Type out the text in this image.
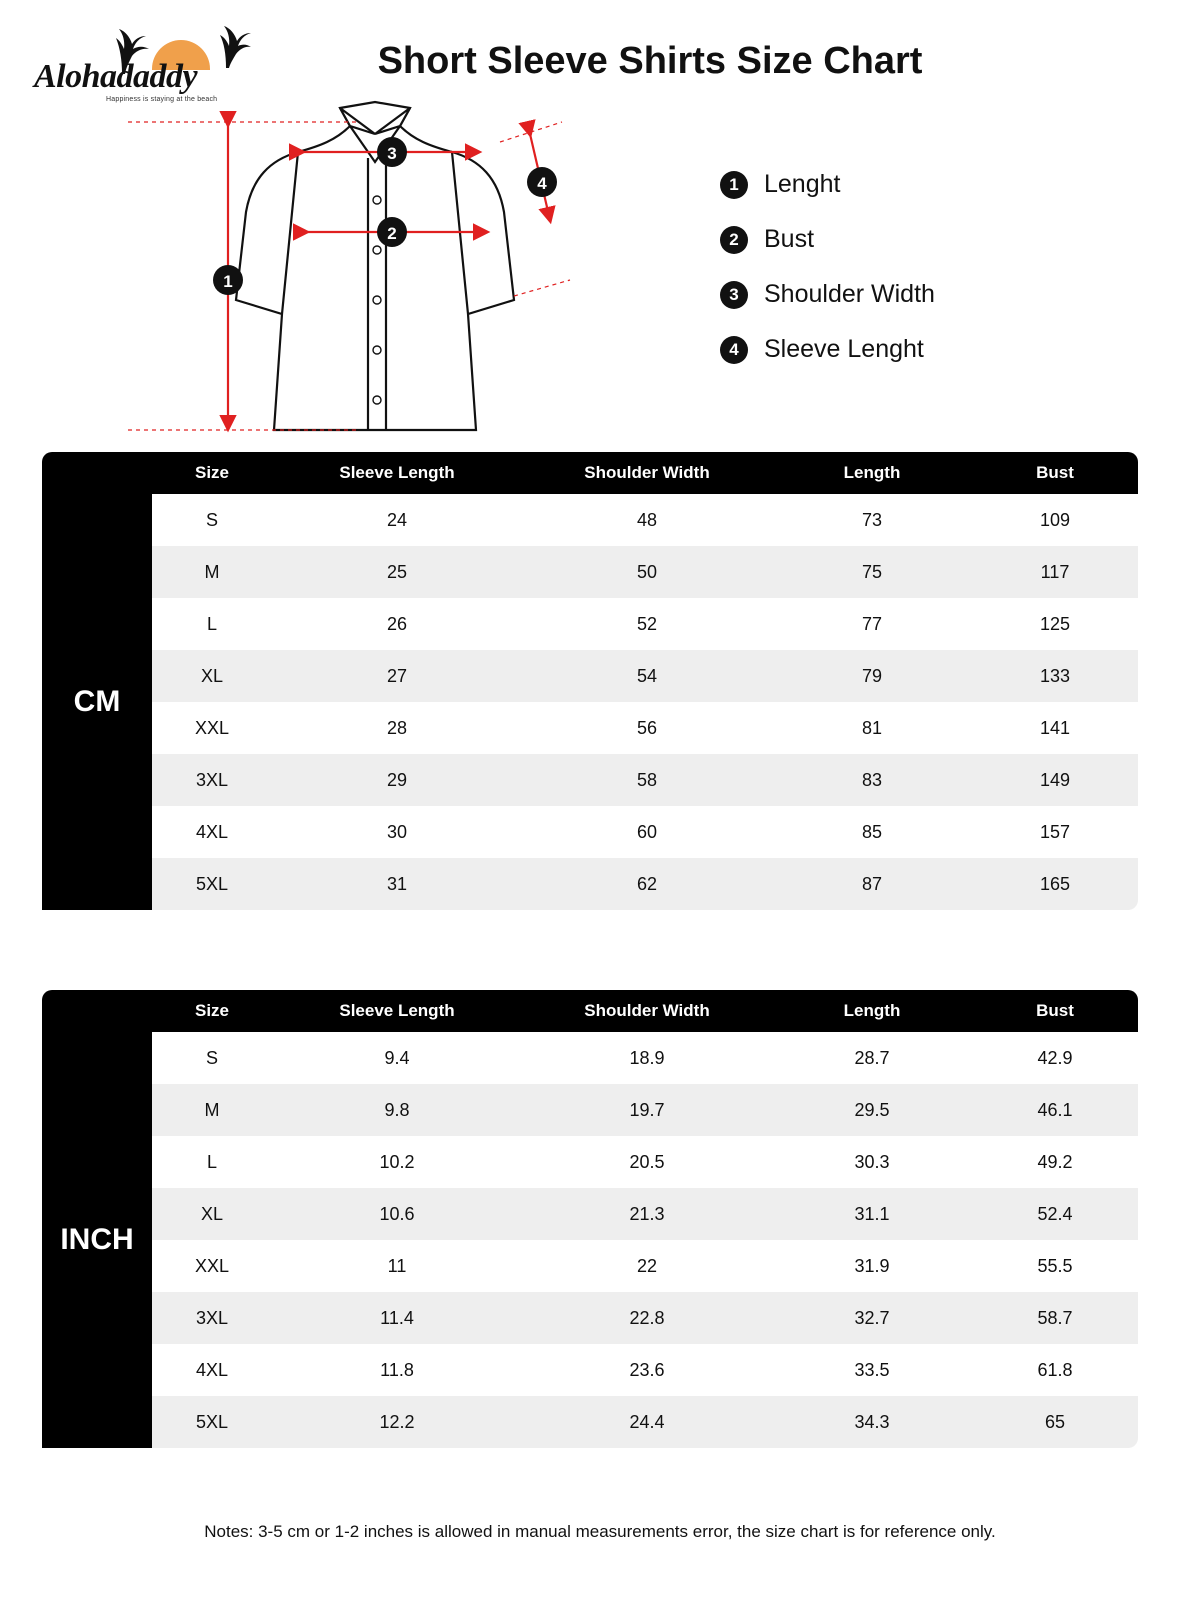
Alohadaddy
Happiness is staying at the beach
Short Sleeve Shirts Size Chart
1
2
3
4	1	Lenght
2	Bust
3	Shoulder Width
4	Sleeve Lenght
	Size	Sleeve Length	Shoulder Width	Length	Bust
CM	S	24	48	73	109
	M	25	50	75	117
	L	26	52	77	125
	XL	27	54	79	133
	XXL	28	56	81	141
	3XL	29	58	83	149
	4XL	30	60	85	157
	5XL	31	62	87	165
	Size	Sleeve Length	Shoulder Width	Length	Bust
INCH	S	9.4	18.9	28.7	42.9
	M	9.8	19.7	29.5	46.1
	L	10.2	20.5	30.3	49.2
	XL	10.6	21.3	31.1	52.4
	XXL	11	22	31.9	55.5
	3XL	11.4	22.8	32.7	58.7
	4XL	11.8	23.6	33.5	61.8
	5XL	12.2	24.4	34.3	65
Notes: 3-5 cm or 1-2 inches is allowed in manual measurements error, the size chart is for reference only.
